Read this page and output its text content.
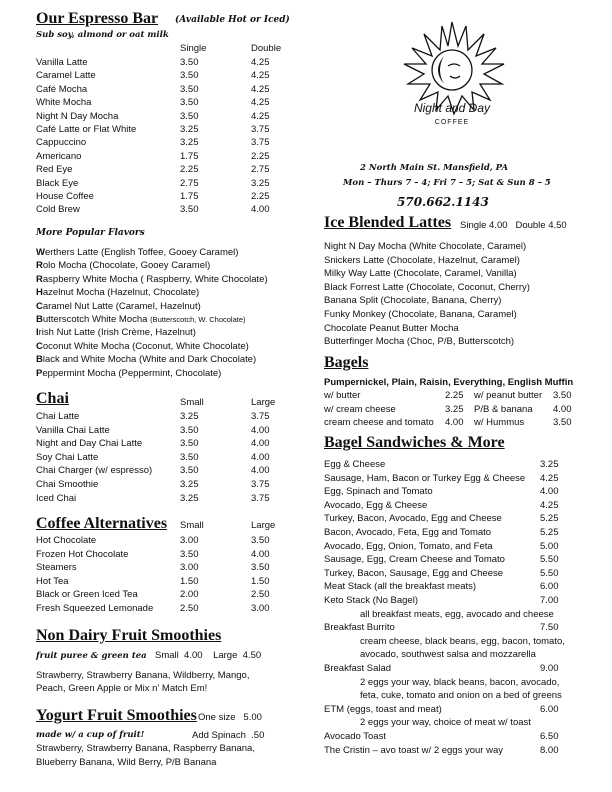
Our Espresso Bar (Available Hot or Iced)
Sub soy, almond or oat milk
Single	Double
Vanilla Latte	3.50	4.25
Caramel Latte	3.50	4.25
Café Mocha	3.50	4.25
White Mocha	3.50	4.25
Night N Day Mocha	3.50	4.25
Café Latte or Flat White	3.25	3.75
Cappuccino	3.25	3.75
Americano	1.75	2.25
Red Eye	2.25	2.75
Black Eye	2.75	3.25
House Coffee	1.75	2.25
Cold Brew	3.50	4.00
More Popular Flavors
Werthers Latte (English Toffee, Gooey Caramel)
Rolo Mocha (Chocolate, Gooey Caramel)
Raspberry White Mocha ( Raspberry, White Chocolate)
Hazelnut Mocha (Hazelnut, Chocolate)
Caramel Nut Latte (Caramel, Hazelnut)
Butterscotch White Mocha (Butterscotch, W. Chocolate)
Irish Nut Latte (Irish Crème, Hazelnut)
Coconut White Mocha (Coconut, White Chocolate)
Black and White Mocha (White and Dark Chocolate)
Peppermint Mocha (Peppermint, Chocolate)
Chai	Small	Large
Chai Latte	3.25	3.75
Vanilla Chai Latte	3.50	4.00
Night and Day Chai Latte	3.50	4.00
Soy Chai Latte	3.50	4.00
Chai Charger (w/ espresso)	3.50	4.00
Chai Smoothie	3.25	3.75
Iced Chai	3.25	3.75
Coffee Alternatives Small	Large
Hot Chocolate	3.00	3.50
Frozen Hot Chocolate	3.50	4.00
Steamers	3.00	3.50
Hot Tea	1.50	1.50
Black or Green Iced Tea	2.00	2.50
Fresh Squeezed Lemonade	2.50	3.00
Non Dairy Fruit Smoothies
fruit puree & green tea Small  4.00    Large  4.50
Strawberry, Strawberry Banana, Wildberry, Mango,
Peach, Green Apple or Mix n' Match Em!
Yogurt Fruit Smoothies One size   5.00
made w/ a cup of fruit!	Add Spinach  .50
Strawberry, Strawberry Banana, Raspberry Banana,
Blueberry Banana, Wild Berry, P/B Banana
Night and Day
COFFEE
2 North Main St. Mansfield, PA
Mon – Thurs 7 – 4; Fri 7 – 5; Sat & Sun 8 – 5
570.662.1143
Ice Blended Lattes Single 4.00   Double 4.50
Night N Day Mocha (White Chocolate, Caramel)
Snickers Latte (Chocolate, Hazelnut, Caramel)
Milky Way Latte (Chocolate, Caramel, Vanilla)
Black Forrest Latte (Chocolate, Coconut, Cherry)
Banana Split (Chocolate, Banana, Cherry)
Funky Monkey (Chocolate, Banana, Caramel)
Chocolate Peanut Butter Mocha
Butterfinger Mocha (Choc, P/B, Butterscotch)
Bagels
Pumpernickel, Plain, Raisin, Everything, English Muffin
w/ butter	2.25 w/ peanut butter 3.50
w/ cream cheese	3.25 P/B & banana 4.00
cream cheese and tomato 4.00 w/ Hummus	3.50
Bagel Sandwiches & More
Egg & Cheese	3.25
Sausage, Ham, Bacon or Turkey Egg & Cheese 4.25
Egg, Spinach and Tomato	4.00
Avocado, Egg & Cheese	4.25
Turkey, Bacon, Avocado, Egg and Cheese	5.25
Bacon, Avocado, Feta, Egg and Tomato	5.25
Avocado, Egg, Onion, Tomato, and Feta	5.00
Sausage, Egg, Cream Cheese and Tomato	5.50
Turkey, Bacon, Sausage, Egg and Cheese	5.50
Meat Stack (all the breakfast meats)	6.00
Keto Stack (No Bagel)	7.00
all breakfast meats, egg, avocado and cheese
Breakfast Burrito	7.50
cream cheese, black beans, egg, bacon, tomato,
avocado, southwest salsa and mozzarella
Breakfast Salad	9.00
2 eggs your way, black beans, bacon, avocado,
feta, cuke, tomato and onion on a bed of greens
ETM (eggs, toast and meat)	6.00
2 eggs your way, choice of meat w/ toast
Avocado Toast	6.50
The Cristin – avo toast w/ 2 eggs your way	8.00
